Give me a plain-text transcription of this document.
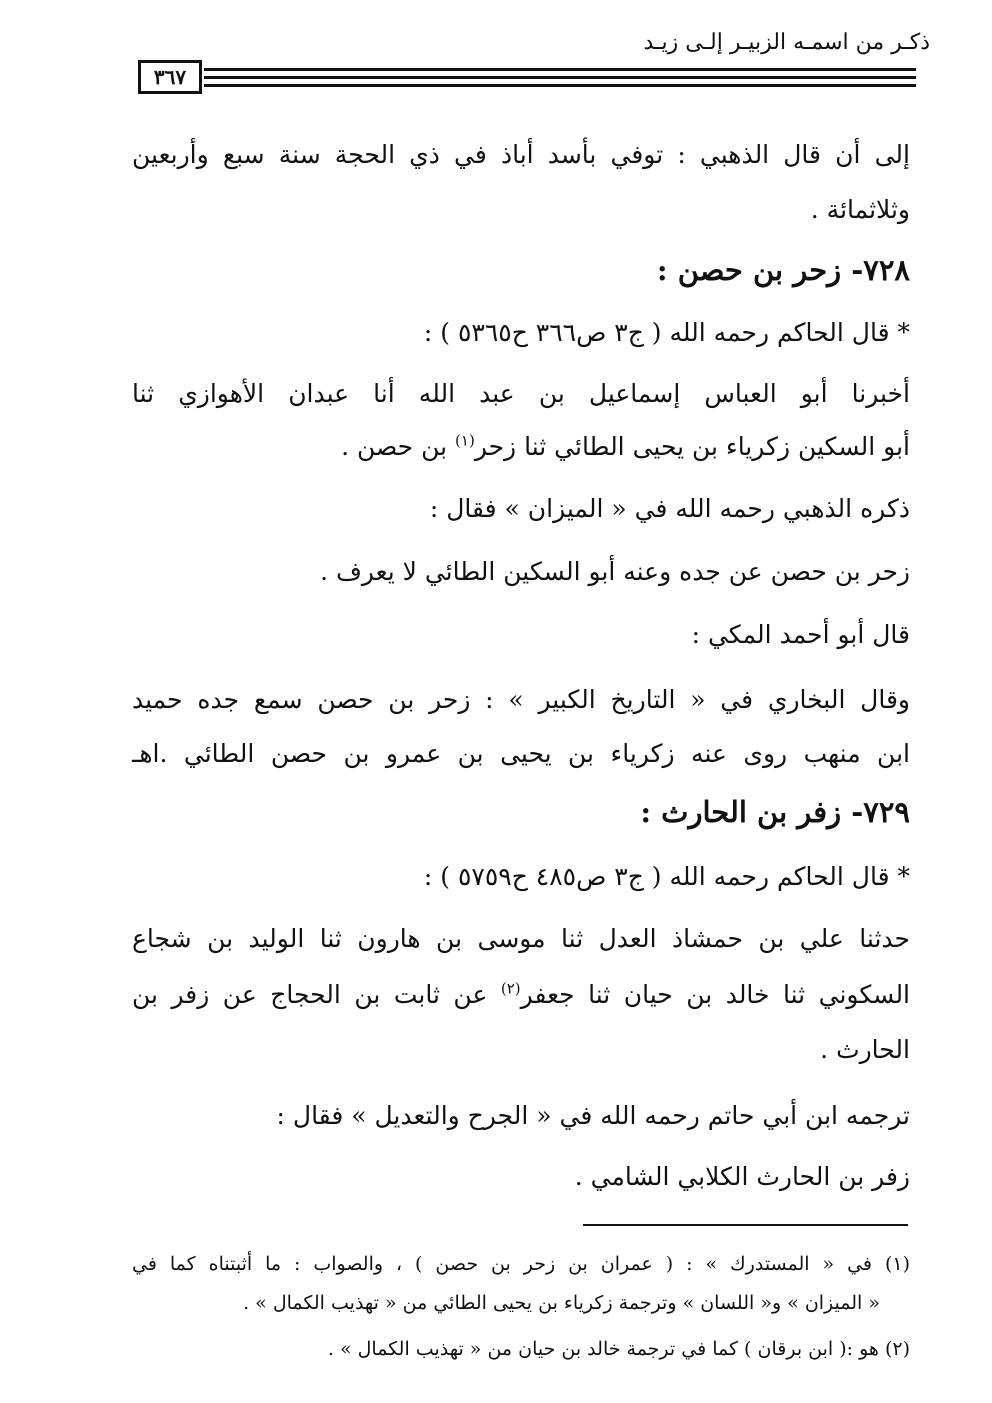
ذكـر من اسمـه الزبيـر إلـى زيـد
٣٦٧
إلى أن قال الذهبي : توفي بأسد أباذ في ذي الحجة سنة سبع وأربعين
وثلاثمائة .
٧٢٨- زحر بن حصن :
* قال الحاكم رحمه الله ( ج٣ ص٣٦٦ ح٥٣٦٥ ) :
أخبرنا أبو العباس إسماعيل بن عبد الله أنا عبدان الأهوازي ثنا
أبو السكين زكرياء بن يحيى الطائي ثنا زحر$^{(١)}$ بن حصن .
ذكره الذهبي رحمه الله في « الميزان » فقال :
زحر بن حصن عن جده وعنه أبو السكين الطائي لا يعرف .
قال أبو أحمد المكي :
وقال البخاري في « التاريخ الكبير » : زحر بن حصن سمع جده حميد
ابن منهب روى عنه زكرياء بن يحيى بن عمرو بن حصن الطائي .اهـ
٧٢٩- زفر بن الحارث :
* قال الحاكم رحمه الله ( ج٣ ص٤٨٥ ح٥٧٥٩ ) :
حدثنا علي بن حمشاذ العدل ثنا موسى بن هارون ثنا الوليد بن شجاع
السكوني ثنا خالد بن حيان ثنا جعفر$^{(٢)}$ عن ثابت بن الحجاج عن زفر بن
الحارث .
ترجمه ابن أبي حاتم رحمه الله في « الجرح والتعديل » فقال :
زفر بن الحارث الكلابي الشامي .
(١) في « المستدرك » : ( عمران بن زحر بن حصن ) ، والصواب : ما أثبتناه كما في
« الميزان » و« اللسان » وترجمة زكرياء بن يحيى الطائي من « تهذيب الكمال » .
(٢) هو :( ابن برقان ) كما في ترجمة خالد بن حيان من « تهذيب الكمال » .
